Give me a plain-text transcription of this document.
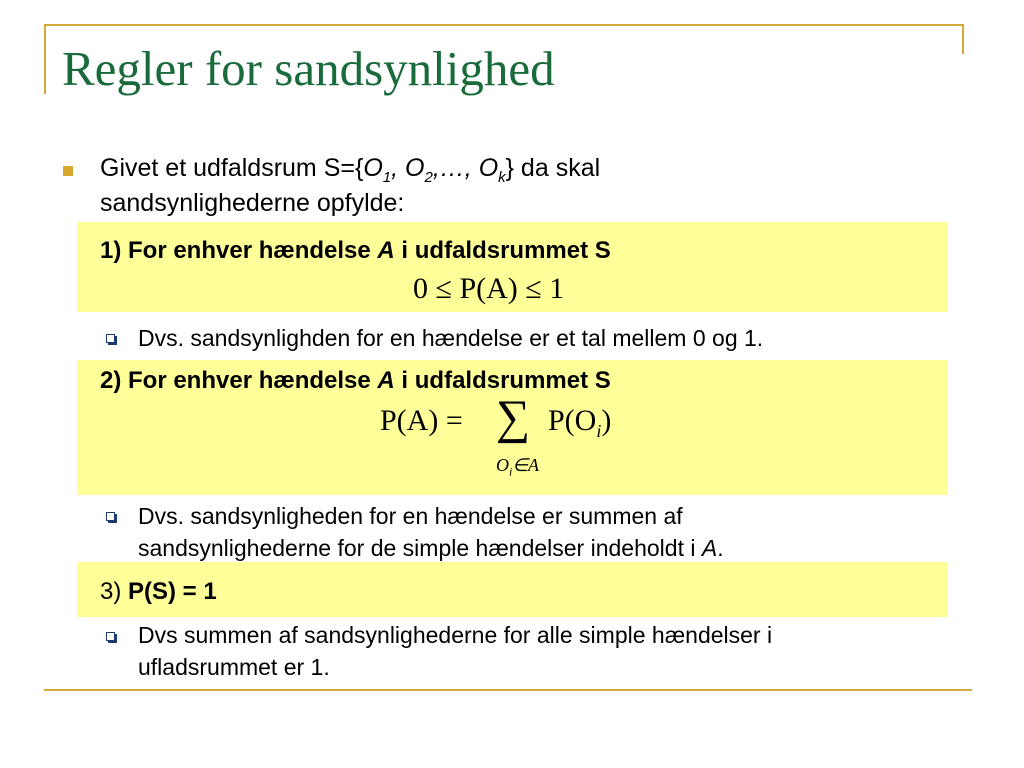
Regler for sandsynlighed
Givet et udfaldsrum $S=\{O_1$, $O_2,\dots$, $O_k$} da skal
sandsynlighederne opfylde:
1) For enhver hændelse A i udfaldsrummet S
0 ≤ P(A) ≤ 1
Dvs. sandsynlighden for en hændelse er et tal mellem 0 og 1.
2) For enhver hændelse A i udfaldsrummet S
P(A) = ∑ $P(O_i)$
$O_i\in A$
Dvs. sandsynligheden for en hændelse er summen af
sandsynlighederne for de simple hændelser indeholdt i A.
3) P(S) = 1
Dvs summen af sandsynlighederne for alle simple hændelser i
ufladsrummet er 1.
